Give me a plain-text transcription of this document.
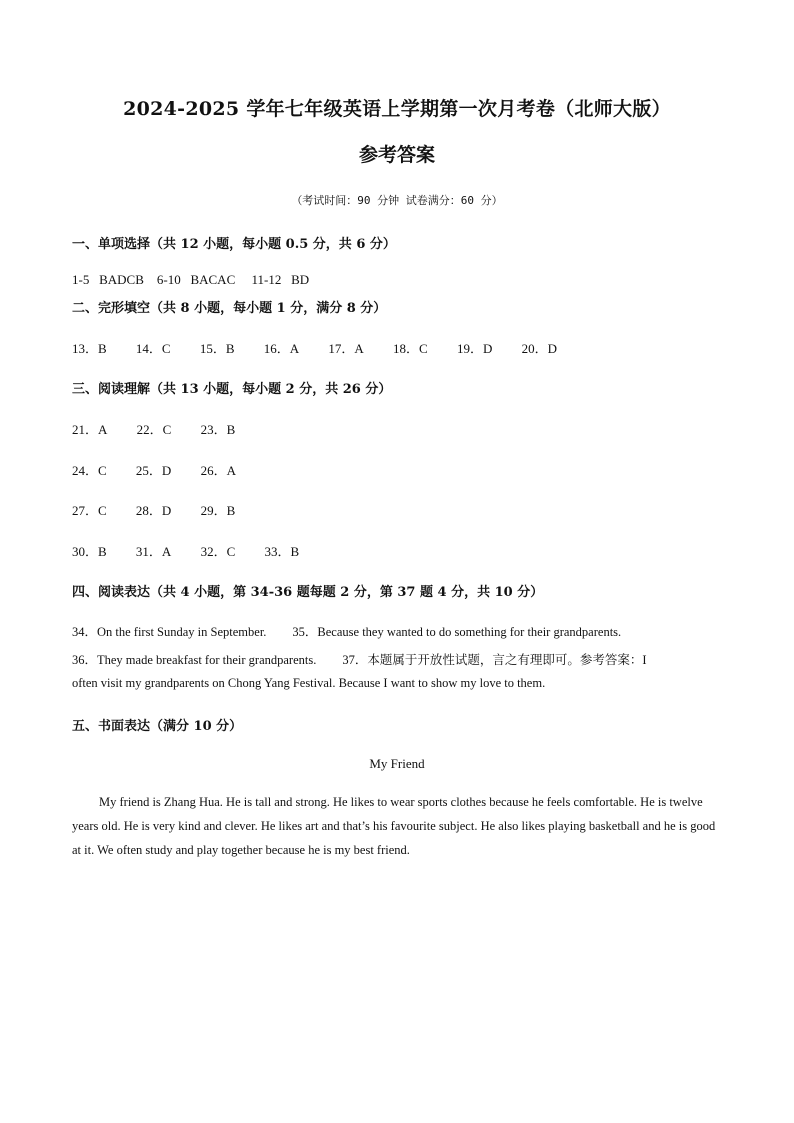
2024-2025 学年七年级英语上学期第一次月考卷（北师大版）
参考答案
（考试时间：90 分钟 试卷满分：60 分）
一、单项选择（共 12 小题，每小题 0.5 分，共 6 分）
1-5   BADCB    6-10   BACAC     11-12   BD
二、完形填空（共 8 小题，每小题 1 分，满分 8 分）
13．B 14．C 15．B 16．A 17．A 18．C 19．D 20．D
三、阅读理解（共 13 小题，每小题 2 分，共 26 分）
21．A 22．C 23．B
24．C 25．D 26．A
27．C 28．D 29．B
30．B 31．A 32．C 33．B
四、阅读表达（共 4 小题，第 34-36 题每题 2 分，第 37 题 4 分，共 10 分）
34．On the first Sunday in September. 35．Because they wanted to do something for their grandparents.
36．They made breakfast for their grandparents. 37．本题属于开放性试题，言之有理即可。参考答案：I
often visit my grandparents on Chong Yang Festival. Because I want to show my love to them.
五、书面表达（满分 10 分）
My Friend
My friend is Zhang Hua. He is tall and strong. He likes to wear sports clothes because he feels comfortable. He is twelve years old. He is very kind and clever. He likes art and that’s his favourite subject. He also likes playing basketball and he is good at it. We often study and play together because he is my best friend.
